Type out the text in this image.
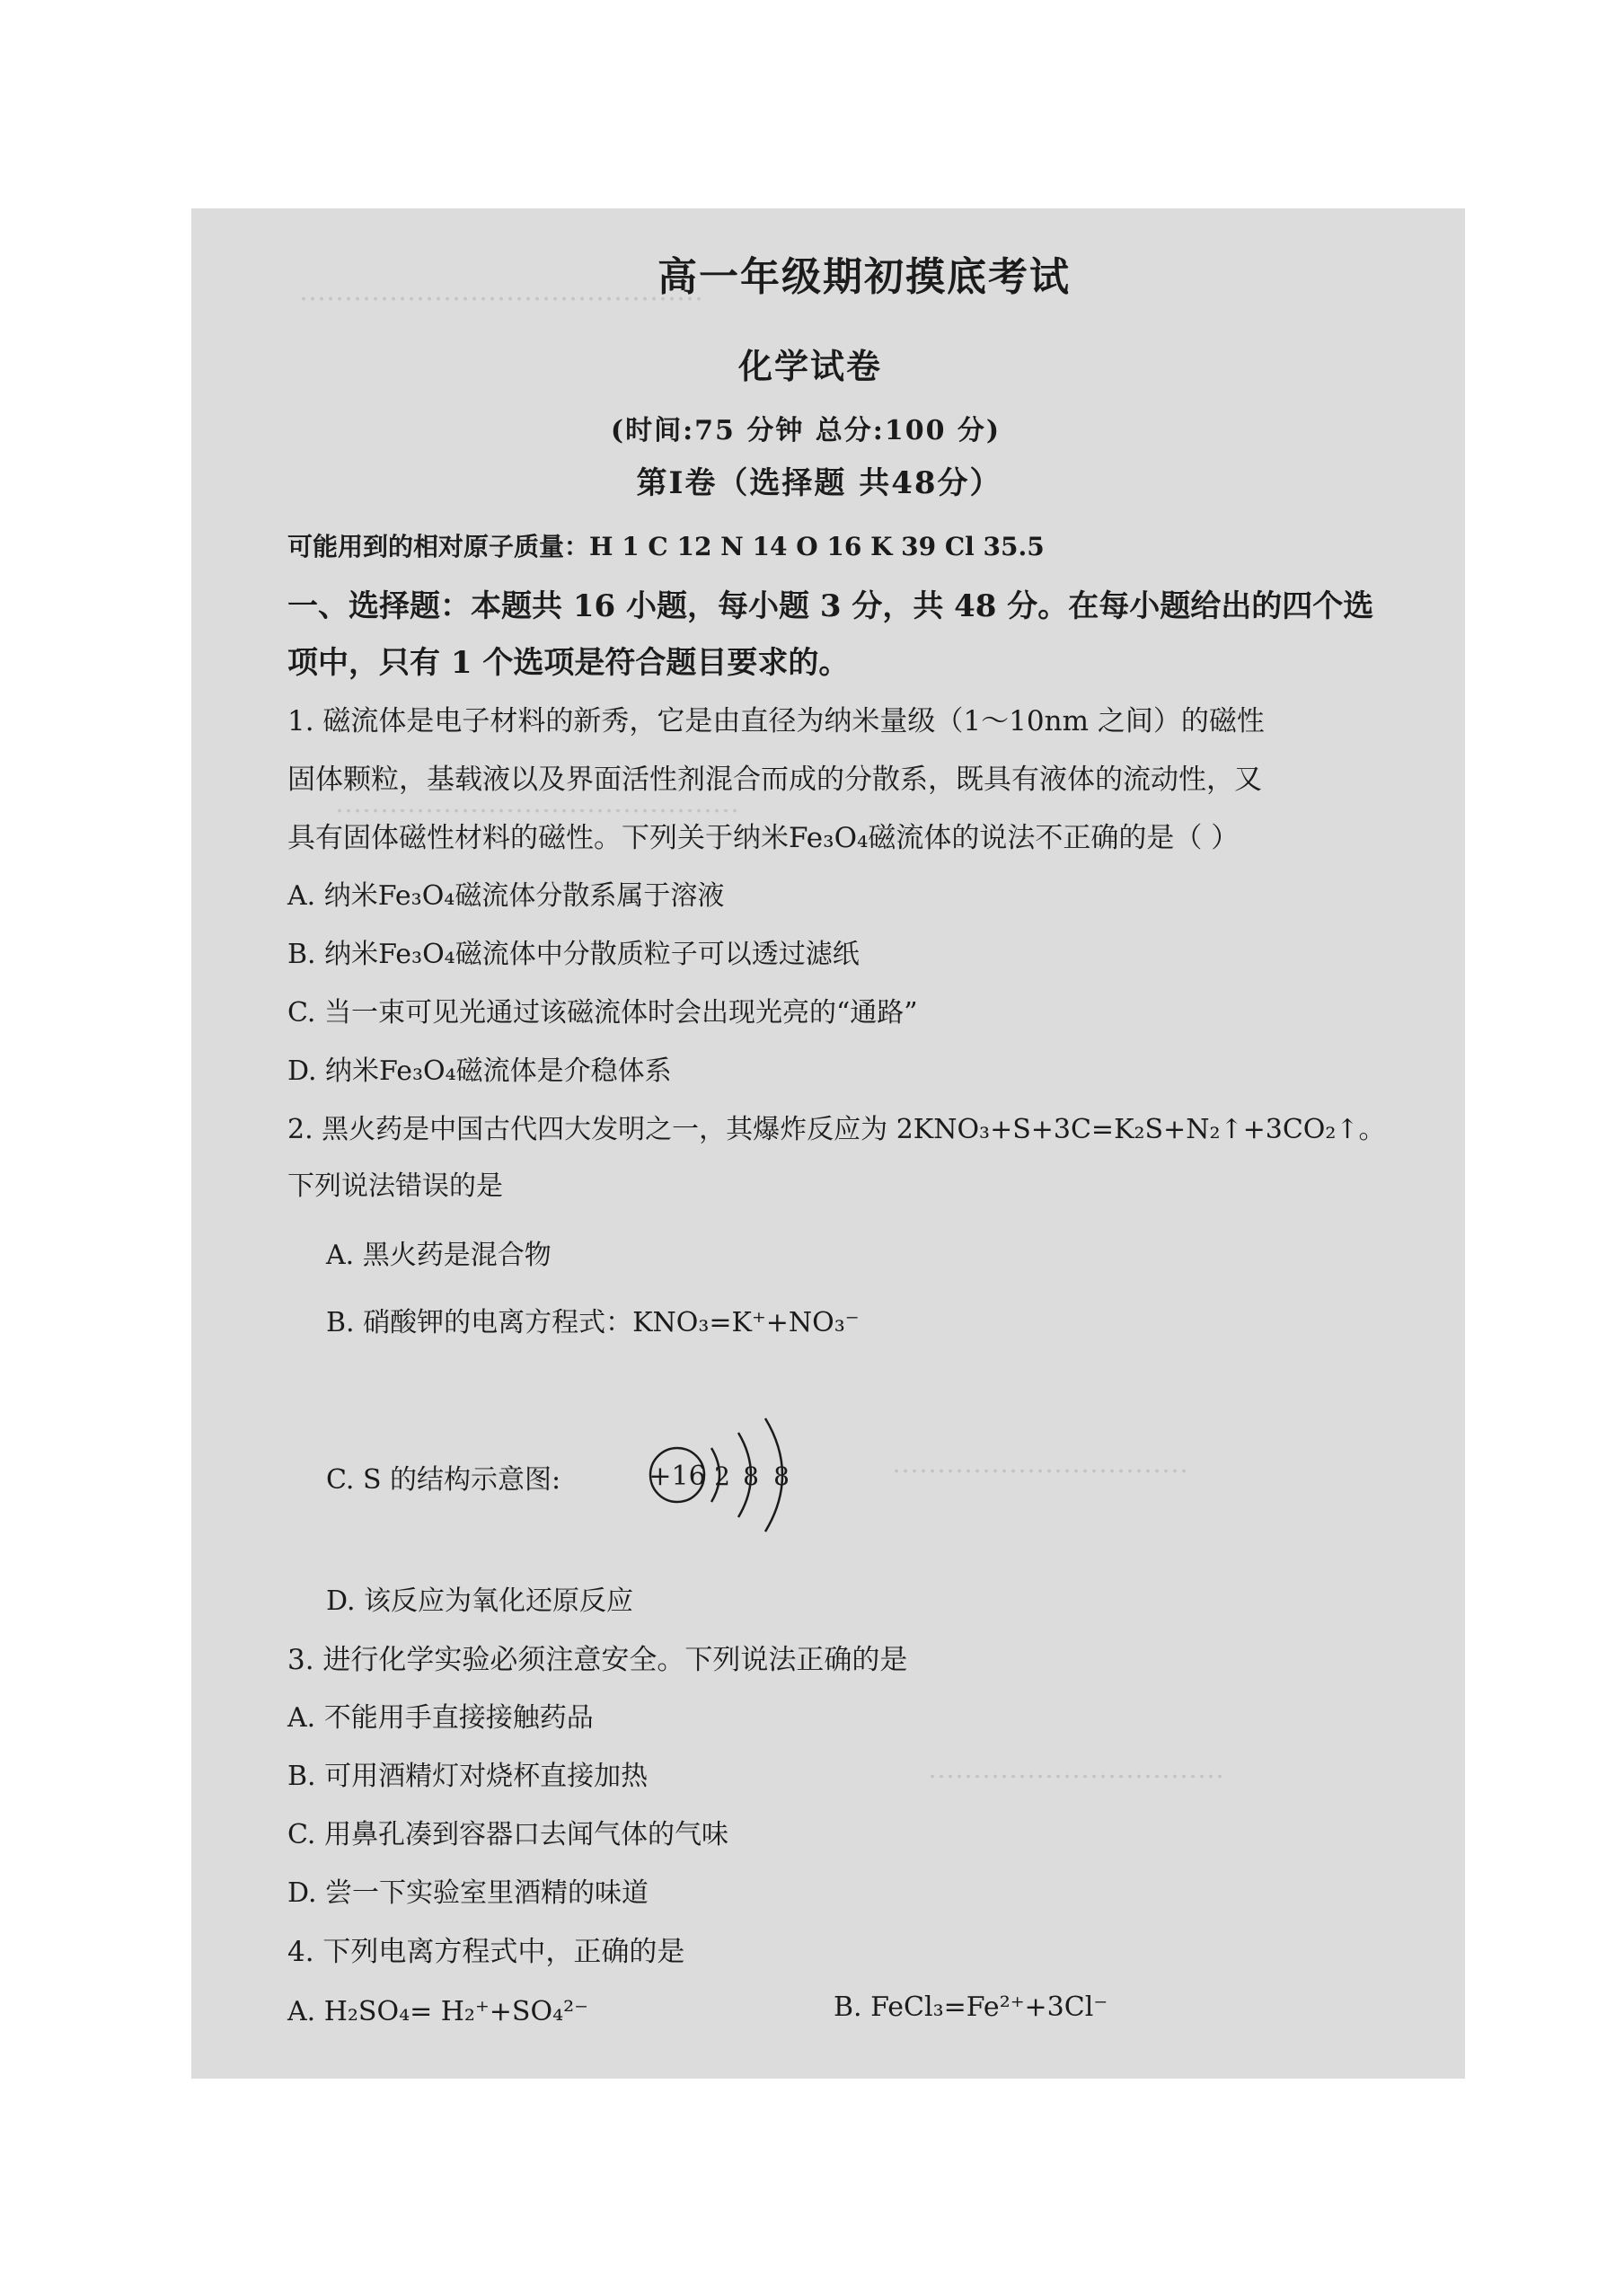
………………………………………
………………………………………
……………………………
……………………………
高一年级期初摸底考试
化学试卷
(时间:75 分钟 总分:100 分)
第Ⅰ卷（选择题 共48分）
可能用到的相对原子质量：H 1 C 12 N 14 O 16 K 39 Cl 35.5
一、选择题：本题共 16 小题，每小题 3 分，共 48 分。在每小题给出的四个选
项中，只有 1 个选项是符合题目要求的。
1. 磁流体是电子材料的新秀，它是由直径为纳米量级（1～10nm 之间）的磁性
固体颗粒，基载液以及界面活性剂混合而成的分散系，既具有液体的流动性，又
具有固体磁性材料的磁性。下列关于纳米Fe₃O₄磁流体的说法不正确的是（ ）
A. 纳米Fe₃O₄磁流体分散系属于溶液
B. 纳米Fe₃O₄磁流体中分散质粒子可以透过滤纸
C. 当一束可见光通过该磁流体时会出现光亮的“通路”
D. 纳米Fe₃O₄磁流体是介稳体系
2. 黑火药是中国古代四大发明之一，其爆炸反应为 2KNO₃+S+3C=K₂S+N₂↑+3CO₂↑。
下列说法错误的是
A. 黑火药是混合物
B. 硝酸钾的电离方程式：KNO₃=K⁺+NO₃⁻
C. S 的结构示意图:	+16 2 8 8
D. 该反应为氧化还原反应
3. 进行化学实验必须注意安全。下列说法正确的是
A. 不能用手直接接触药品
B. 可用酒精灯对烧杯直接加热
C. 用鼻孔凑到容器口去闻气体的气味
D. 尝一下实验室里酒精的味道
4. 下列电离方程式中，正确的是
A. H₂SO₄= H₂⁺+SO₄²⁻	B. FeCl₃=Fe²⁺+3Cl⁻
